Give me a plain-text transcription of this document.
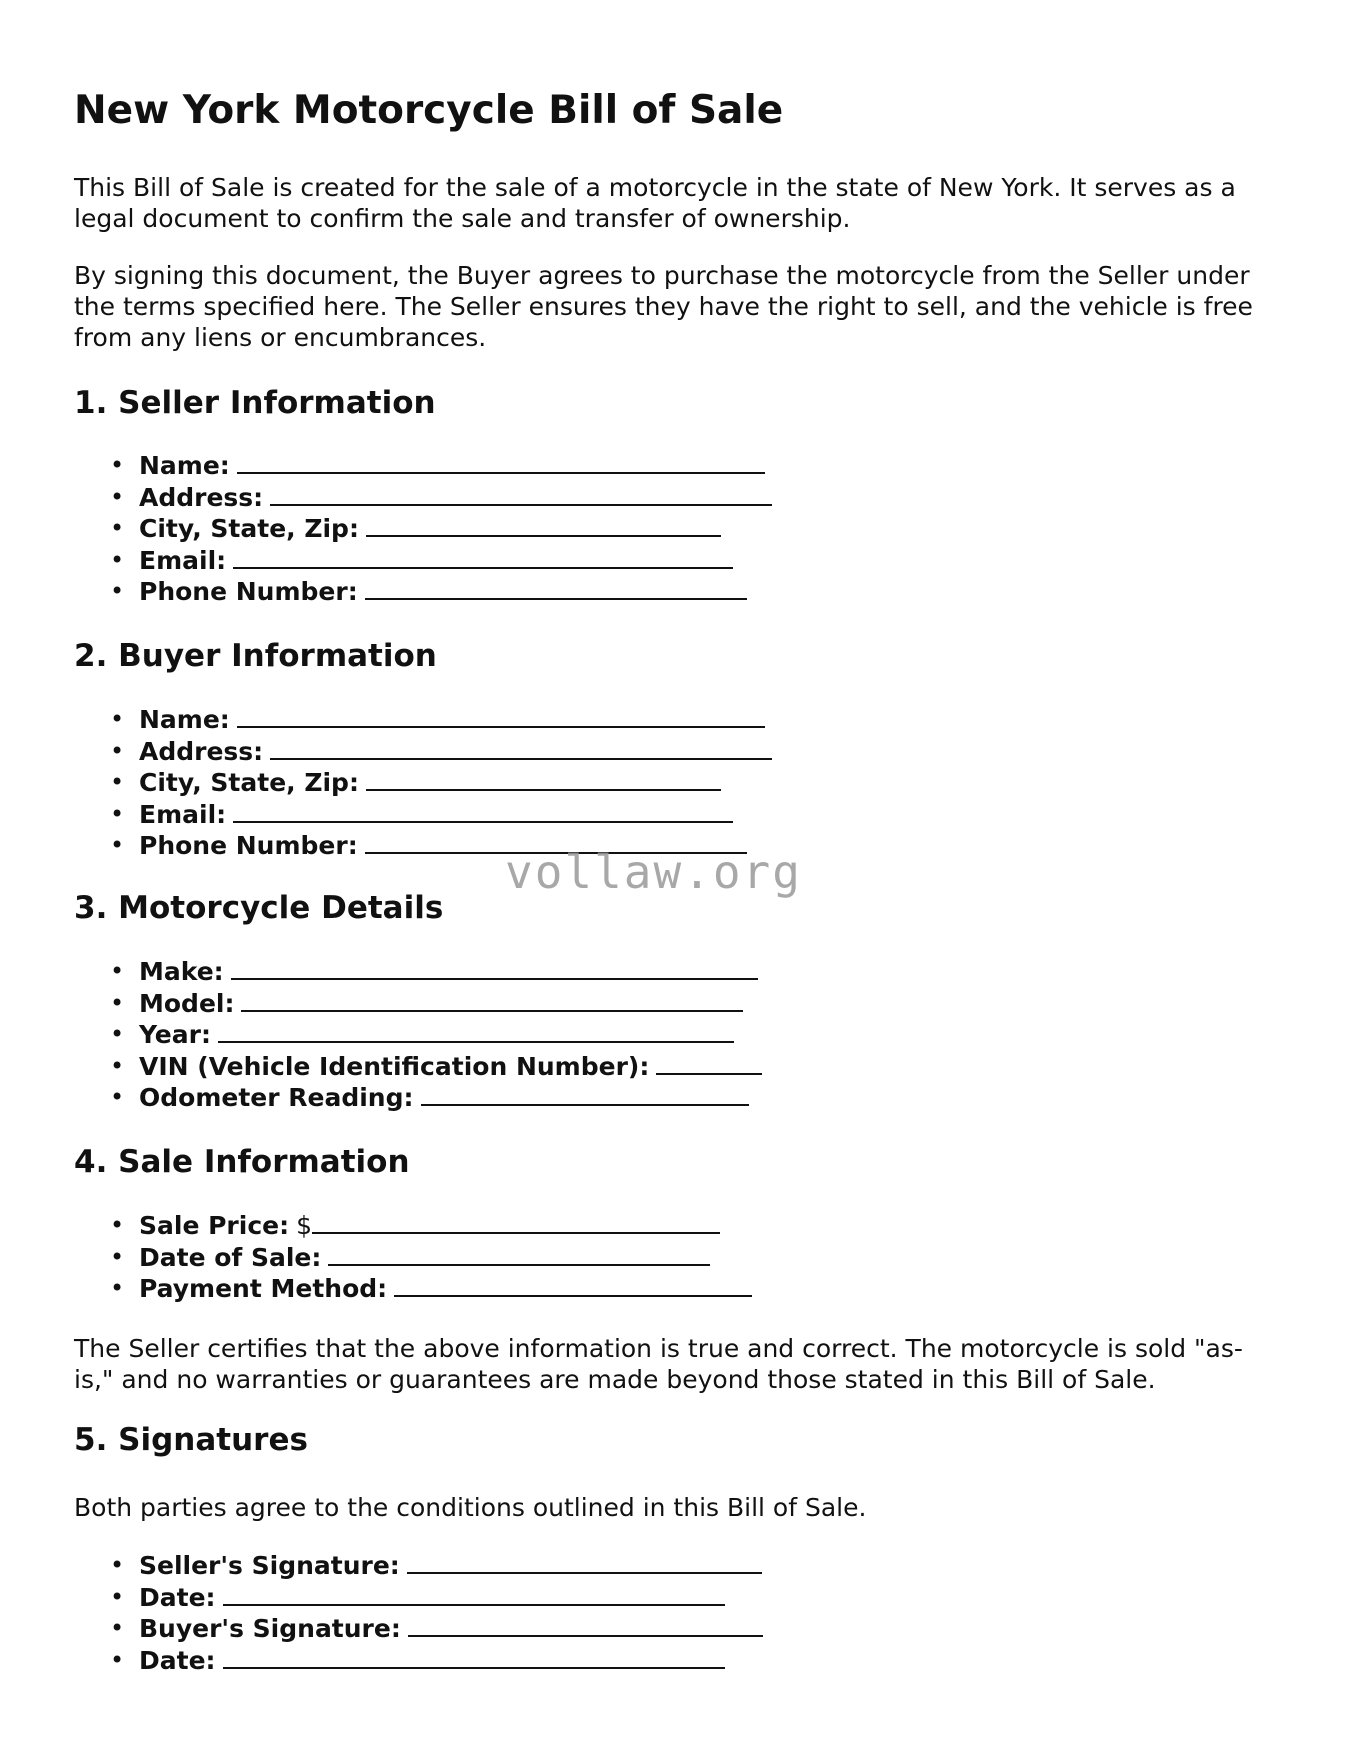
New York Motorcycle Bill of Sale

This Bill of Sale is created for the sale of a motorcycle in the state of New York. It serves as a legal document to confirm the sale and transfer of ownership.

By signing this document, the Buyer agrees to purchase the motorcycle from the Seller under the terms specified here. The Seller ensures they have the right to sell, and the vehicle is free from any liens or encumbrances.

1. Seller Information
• Name:
• Address:
• City, State, Zip:
• Email:
• Phone Number:
2. Buyer Information
• Name:
• Address:
• City, State, Zip:
• Email:
• Phone Number:
3. Motorcycle Details
• Make:
• Model:
• Year:
• VIN (Vehicle Identification Number):
• Odometer Reading:
4. Sale Information
• Sale Price: $
• Date of Sale:
• Payment Method:

The Seller certifies that the above information is true and correct. The motorcycle is sold "as-is," and no warranties or guarantees are made beyond those stated in this Bill of Sale.

5. Signatures

Both parties agree to the conditions outlined in this Bill of Sale.

• Seller's Signature:
• Date:
• Buyer's Signature:
• Date:
vollaw.org
